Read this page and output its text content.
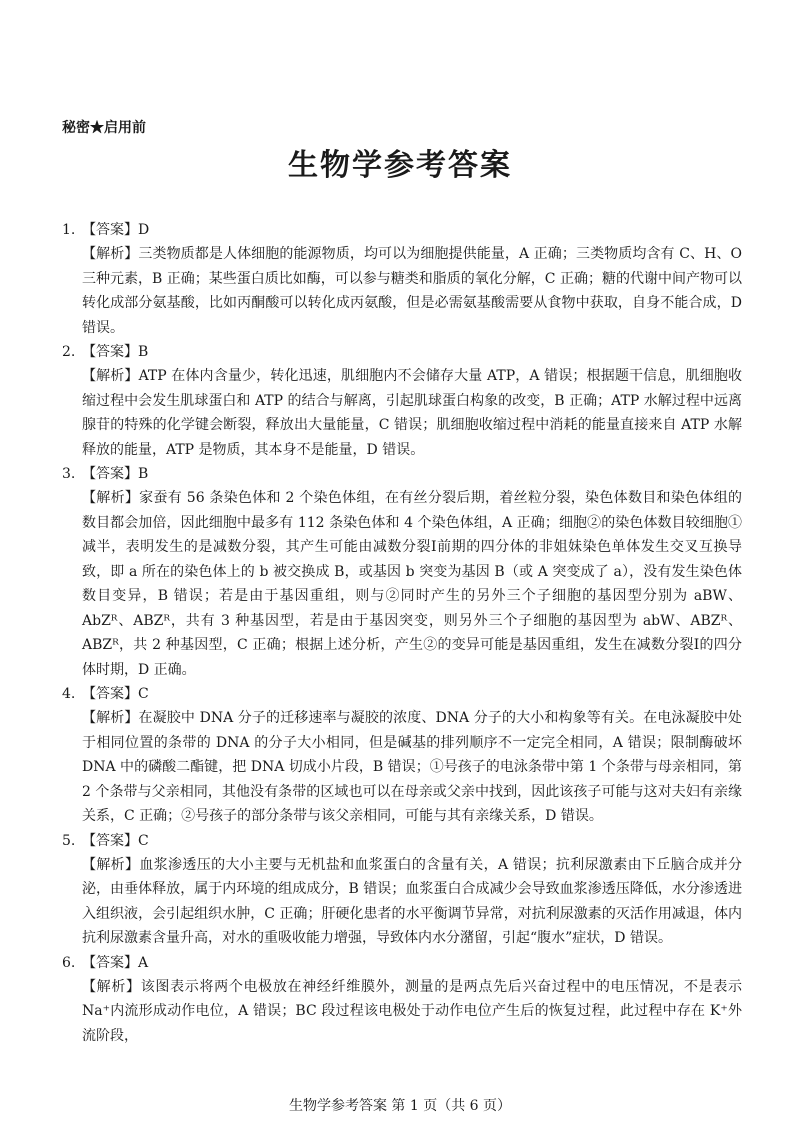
秘密★启用前
生物学参考答案
1. 【答案】D
【解析】三类物质都是人体细胞的能源物质，均可以为细胞提供能量，A 正确；三类物质均含有 C、H、O 三种元素，B 正确；某些蛋白质比如酶，可以参与糖类和脂质的氧化分解，C 正确；糖的代谢中间产物可以转化成部分氨基酸，比如丙酮酸可以转化成丙氨酸，但是必需氨基酸需要从食物中获取，自身不能合成，D 错误。
2. 【答案】B
【解析】ATP 在体内含量少，转化迅速，肌细胞内不会储存大量 ATP，A 错误；根据题干信息，肌细胞收缩过程中会发生肌球蛋白和 ATP 的结合与解离，引起肌球蛋白构象的改变，B 正确；ATP 水解过程中远离腺苷的特殊的化学键会断裂，释放出大量能量，C 错误；肌细胞收缩过程中消耗的能量直接来自 ATP 水解释放的能量，ATP 是物质，其本身不是能量，D 错误。
3. 【答案】B
【解析】家蚕有 56 条染色体和 2 个染色体组，在有丝分裂后期，着丝粒分裂，染色体数目和染色体组的数目都会加倍，因此细胞中最多有 112 条染色体和 4 个染色体组，A 正确；细胞②的染色体数目较细胞①减半，表明发生的是减数分裂，其产生可能由减数分裂Ⅰ前期的四分体的非姐妹染色单体发生交叉互换导致，即 a 所在的染色体上的 b 被交换成 B，或基因 b 突变为基因 B（或 A 突变成了 a），没有发生染色体数目变异，B 错误；若是由于基因重组，则与②同时产生的另外三个子细胞的基因型分别为 aBW、AbZᴿ、ABZᴿ，共有 3 种基因型，若是由于基因突变，则另外三个子细胞的基因型为 abW、ABZᴿ、ABZᴿ，共 2 种基因型，C 正确；根据上述分析，产生②的变异可能是基因重组，发生在减数分裂Ⅰ的四分体时期，D 正确。
4. 【答案】C
【解析】在凝胶中 DNA 分子的迁移速率与凝胶的浓度、DNA 分子的大小和构象等有关。在电泳凝胶中处于相同位置的条带的 DNA 的分子大小相同，但是碱基的排列顺序不一定完全相同，A 错误；限制酶破坏 DNA 中的磷酸二酯键，把 DNA 切成小片段，B 错误；①号孩子的电泳条带中第 1 个条带与母亲相同，第 2 个条带与父亲相同，其他没有条带的区域也可以在母亲或父亲中找到，因此该孩子可能与这对夫妇有亲缘关系，C 正确；②号孩子的部分条带与该父亲相同，可能与其有亲缘关系，D 错误。
5. 【答案】C
【解析】血浆渗透压的大小主要与无机盐和血浆蛋白的含量有关，A 错误；抗利尿激素由下丘脑合成并分泌，由垂体释放，属于内环境的组成成分，B 错误；血浆蛋白合成减少会导致血浆渗透压降低，水分渗透进入组织液，会引起组织水肿，C 正确；肝硬化患者的水平衡调节异常，对抗利尿激素的灭活作用减退，体内抗利尿激素含量升高，对水的重吸收能力增强，导致体内水分潴留，引起“腹水”症状，D 错误。
6. 【答案】A
【解析】该图表示将两个电极放在神经纤维膜外，测量的是两点先后兴奋过程中的电压情况，不是表示 Na⁺内流形成动作电位，A 错误；BC 段过程该电极处于动作电位产生后的恢复过程，此过程中存在 K⁺外流阶段，
生物学参考答案 第 1 页（共 6 页）
